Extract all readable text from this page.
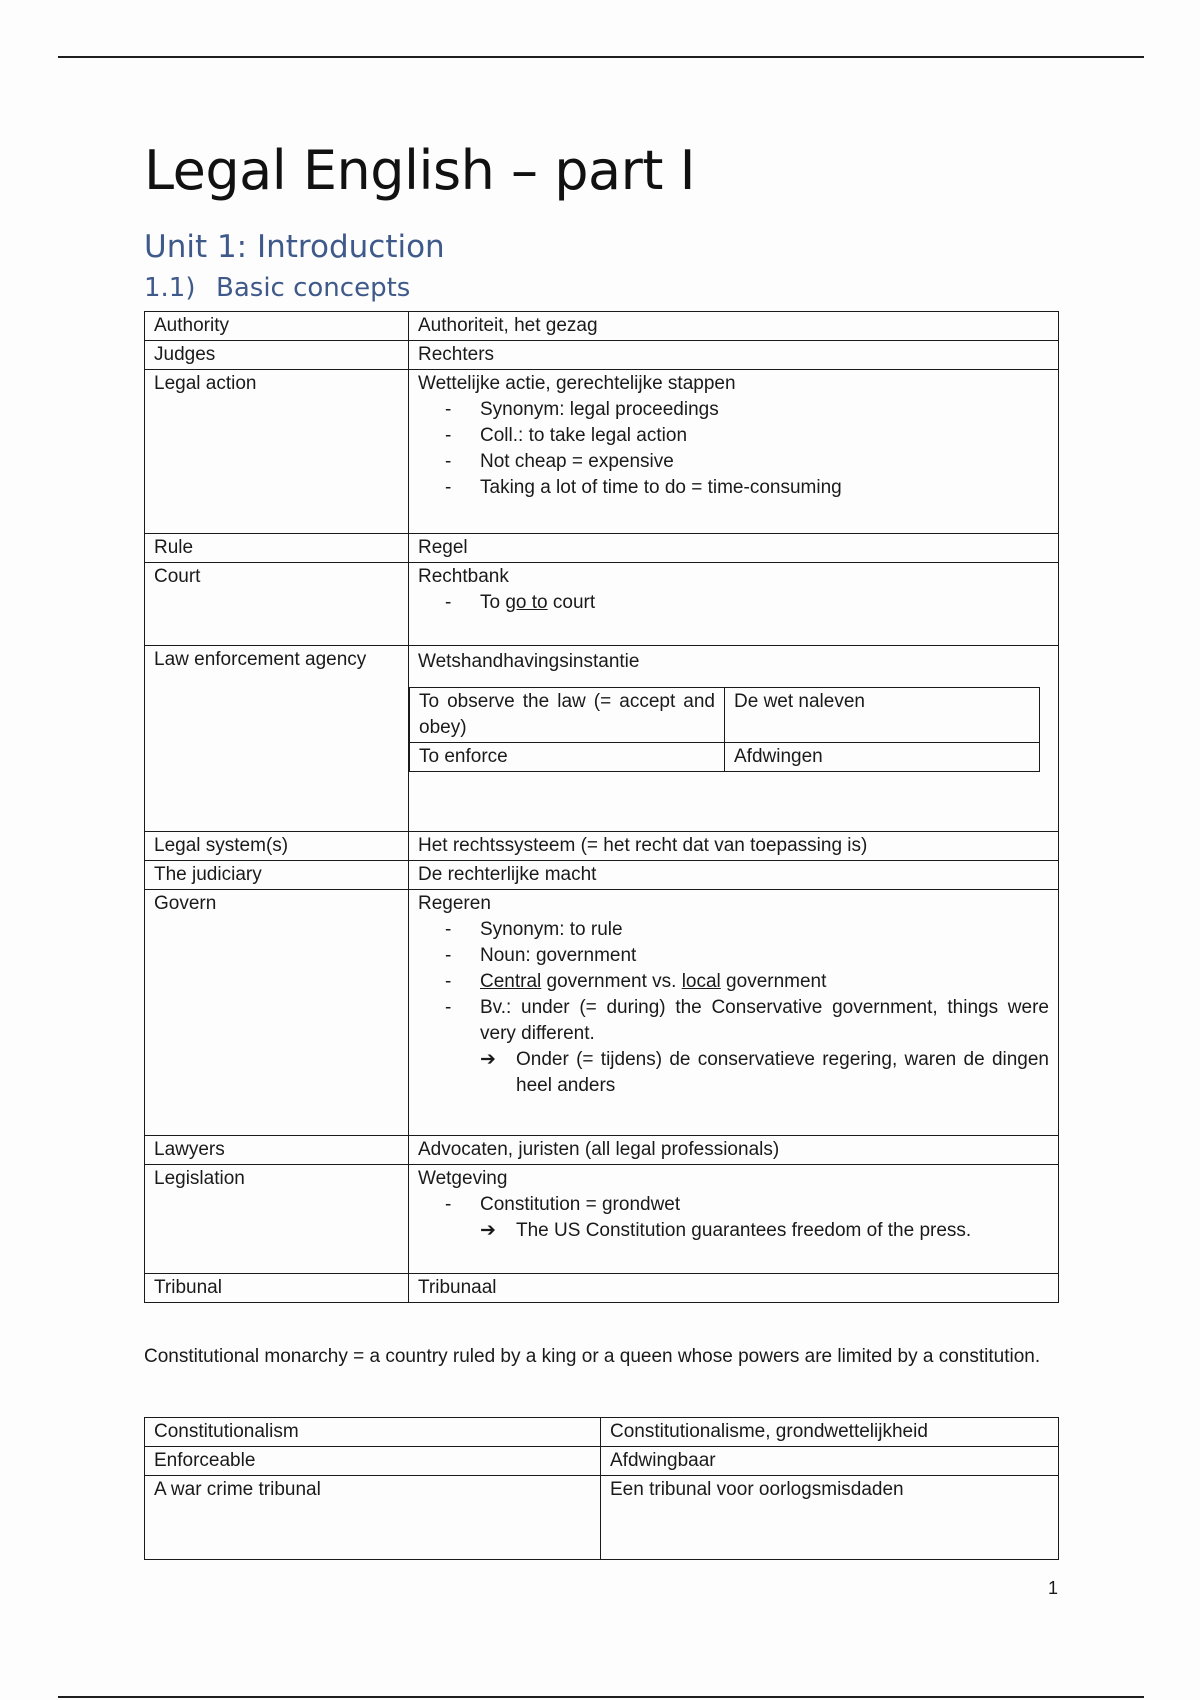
Legal English – part I
Unit 1: Introduction
1.1) Basic concepts
Authority	Authoriteit, het gezag
Judges	Rechters
Legal action	Wettelijke actie, gerechtelijke stappen
- Synonym: legal proceedings
- Coll.: to take legal action
- Not cheap = expensive
- Taking a lot of time to do = time-consuming

Rule	Regel
Court	Rechtbank
- To go to court

Law enforcement agency	Wetshandhavingsinstantie
To observe the law (= accept and obey)	De wet naleven
To enforce	Afdwingen

Legal system(s)	Het rechtssysteem (= het recht dat van toepassing is)
The judiciary	De rechterlijke macht
Govern	Regeren
- Synonym: to rule
- Noun: government
- Central government vs. local government
- Bv.: under (= during) the Conservative government, things were very different.
➔ Onder (= tijdens) de conservatieve regering, waren de dingen heel anders

Lawyers	Advocaten, juristen (all legal professionals)
Legislation	Wetgeving
- Constitution = grondwet
➔ The US Constitution guarantees freedom of the press.

Tribunal	Tribunaal

Constitutional monarchy = a country ruled by a king or a queen whose powers are limited by a constitution.

Constitutionalism	Constitutionalisme, grondwettelijkheid
Enforceable	Afdwingbaar
A war crime tribunal	Een tribunal voor oorlogsmisdaden
1
